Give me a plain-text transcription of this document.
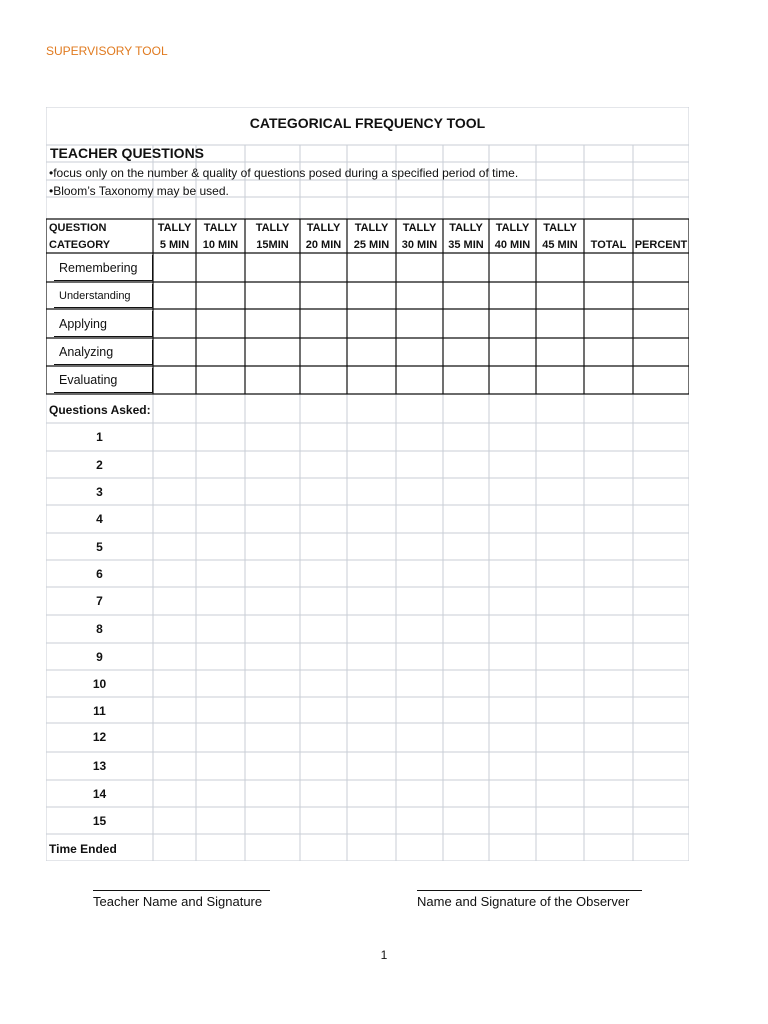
SUPERVISORY TOOL
CATEGORICAL FREQUENCY TOOL
TEACHER QUESTIONS
•focus only on the number & quality of questions posed during a specified period of time.
•Bloom’s Taxonomy may be used.
QUESTION
CATEGORY
TALLY
5 MIN
TALLY
10 MIN
TALLY
15MIN
TALLY
20 MIN
TALLY
25 MIN
TALLY
30 MIN
TALLY
35 MIN
TALLY
40 MIN
TALLY
45 MIN
	TOTAL
PERCENT
Remembering
Understanding
Applying
Analyzing
Evaluating
Questions Asked:
1
2
3
4
5
6
7
8
9
10
11
12
13
14
15
Time Ended
Teacher Name and Signature	Name and Signature of the Observer
1
